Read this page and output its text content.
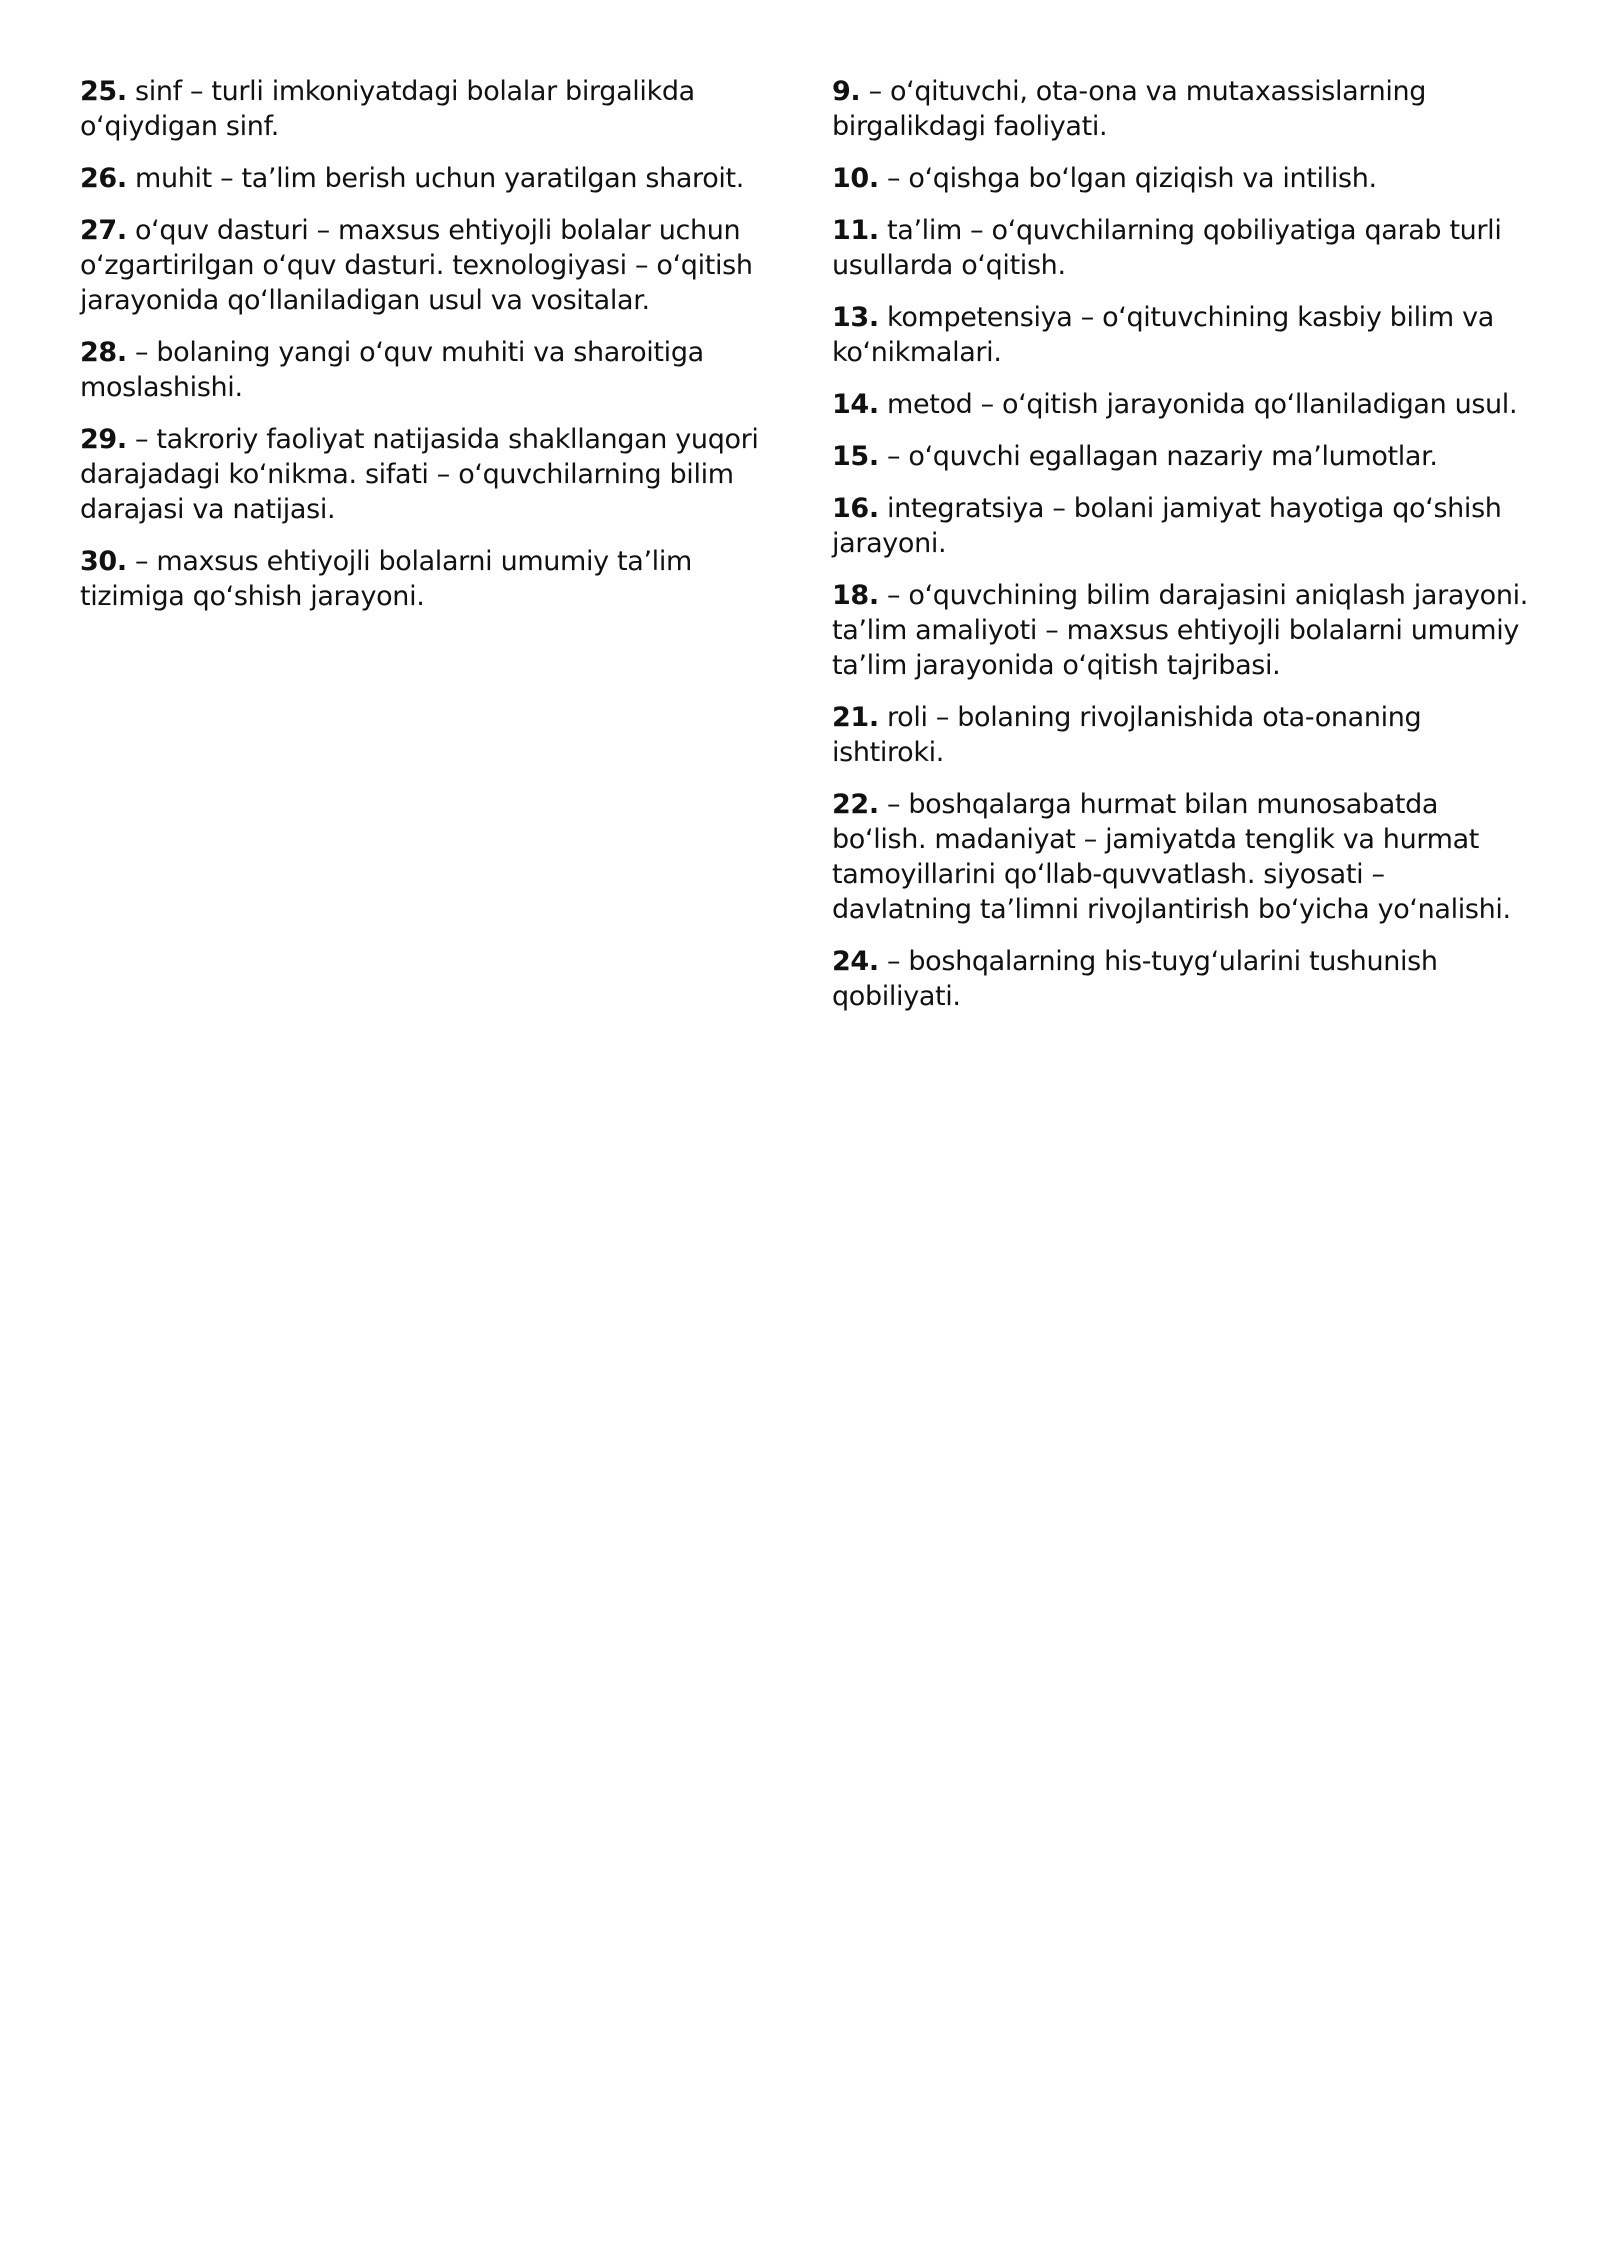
25. sinf – turli imkoniyatdagi bolalar birgalikda o‘qiydigan sinf.

26. muhit – ta’lim berish uchun yaratilgan sharoit.

27. o‘quv dasturi – maxsus ehtiyojli bolalar uchun o‘zgartirilgan o‘quv dasturi. texnologiyasi – o‘qitish jarayonida qo‘llaniladigan usul va vositalar.

28. – bolaning yangi o‘quv muhiti va sharoitiga moslashishi.

29. – takroriy faoliyat natijasida shakllangan yuqori darajadagi ko‘nikma. sifati – o‘quvchilarning bilim darajasi va natijasi.

30. – maxsus ehtiyojli bolalarni umumiy ta’lim tizimiga qo‘shish jarayoni.

9. – o‘qituvchi, ota-ona va mutaxassislarning birgalikdagi faoliyati.

10. – o‘qishga bo‘lgan qiziqish va intilish.

11. ta’lim – o‘quvchilarning qobiliyatiga qarab turli usullarda o‘qitish.

13. kompetensiya – o‘qituvchining kasbiy bilim va ko‘nikmalari.

14. metod – o‘qitish jarayonida qo‘llaniladigan usul.

15. – o‘quvchi egallagan nazariy ma’lumotlar.

16. integratsiya – bolani jamiyat hayotiga qo‘shish jarayoni.

18. – o‘quvchining bilim darajasini aniqlash jarayoni. ta’lim amaliyoti – maxsus ehtiyojli bolalarni umumiy ta’lim jarayonida o‘qitish tajribasi.

21. roli – bolaning rivojlanishida ota-onaning ishtiroki.

22. – boshqalarga hurmat bilan munosabatda bo‘lish. madaniyat – jamiyatda tenglik va hurmat tamoyillarini qo‘llab-quvvatlash. siyosati – davlatning ta’limni rivojlantirish bo‘yicha yo‘nalishi.

24. – boshqalarning his-tuyg‘ularini tushunish qobiliyati.
